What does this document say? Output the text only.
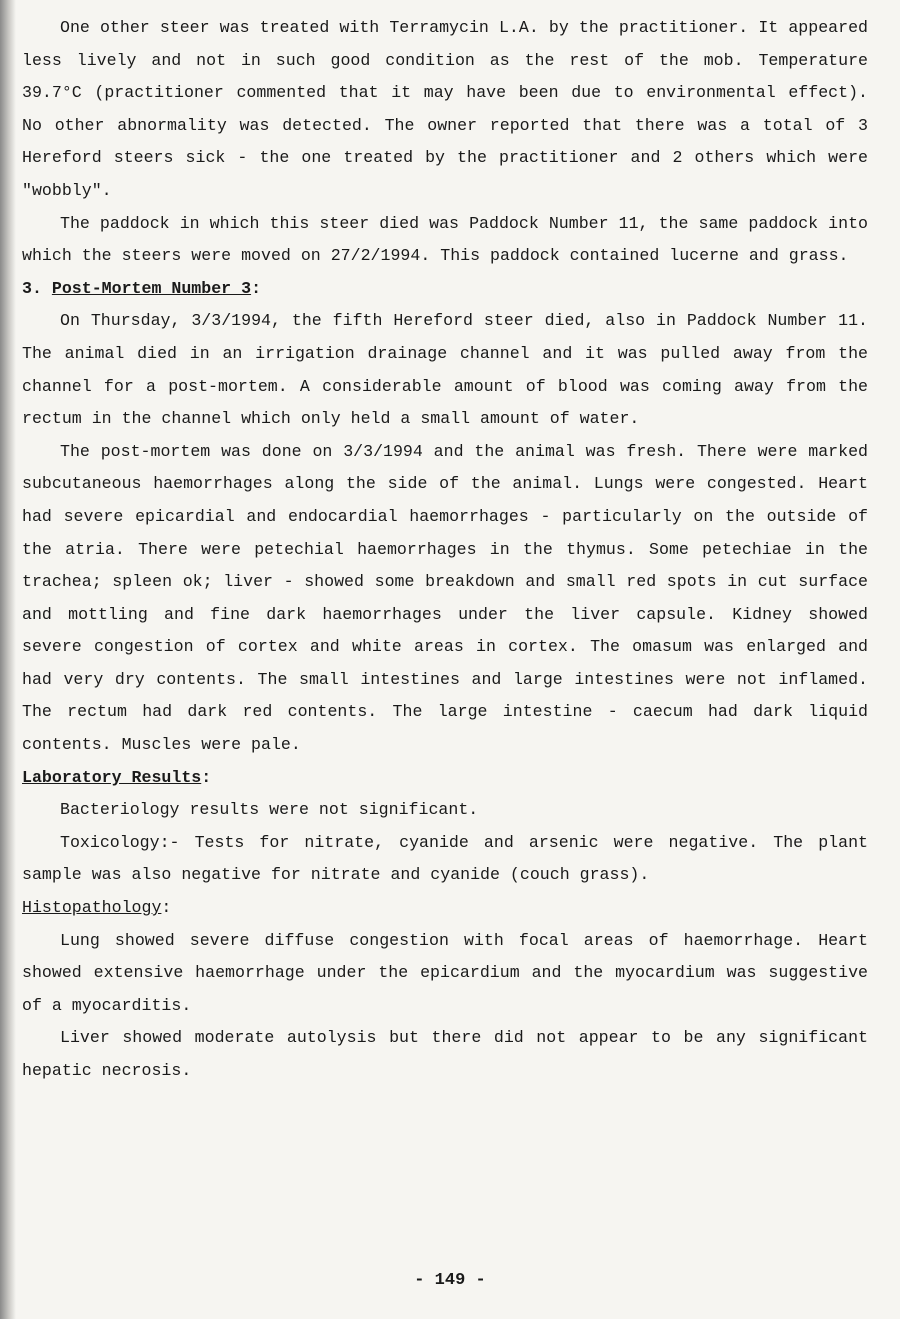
One other steer was treated with Terramycin L.A. by the practitioner. It appeared less lively and not in such good condition as the rest of the mob. Temperature 39.7°C (practitioner commented that it may have been due to environmental effect). No other abnormality was detected. The owner reported that there was a total of 3 Hereford steers sick - the one treated by the practitioner and 2 others which were "wobbly".

The paddock in which this steer died was Paddock Number 11, the same paddock into which the steers were moved on 27/2/1994. This paddock contained lucerne and grass.

3. Post-Mortem Number 3:

On Thursday, 3/3/1994, the fifth Hereford steer died, also in Paddock Number 11. The animal died in an irrigation drainage channel and it was pulled away from the channel for a post-mortem. A considerable amount of blood was coming away from the rectum in the channel which only held a small amount of water.

The post-mortem was done on 3/3/1994 and the animal was fresh. There were marked subcutaneous haemorrhages along the side of the animal. Lungs were congested. Heart had severe epicardial and endocardial haemorrhages - particularly on the outside of the atria. There were petechial haemorrhages in the thymus. Some petechiae in the trachea; spleen ok; liver - showed some breakdown and small red spots in cut surface and mottling and fine dark haemorrhages under the liver capsule. Kidney showed severe congestion of cortex and white areas in cortex. The omasum was enlarged and had very dry contents. The small intestines and large intestines were not inflamed. The rectum had dark red contents. The large intestine - caecum had dark liquid contents. Muscles were pale.

Laboratory Results:

Bacteriology results were not significant.

Toxicology:- Tests for nitrate, cyanide and arsenic were negative. The plant sample was also negative for nitrate and cyanide (couch grass).

Histopathology:

Lung showed severe diffuse congestion with focal areas of haemorrhage. Heart showed extensive haemorrhage under the epicardium and the myocardium was suggestive of a myocarditis.

Liver showed moderate autolysis but there did not appear to be any significant hepatic necrosis.

- 149 -
